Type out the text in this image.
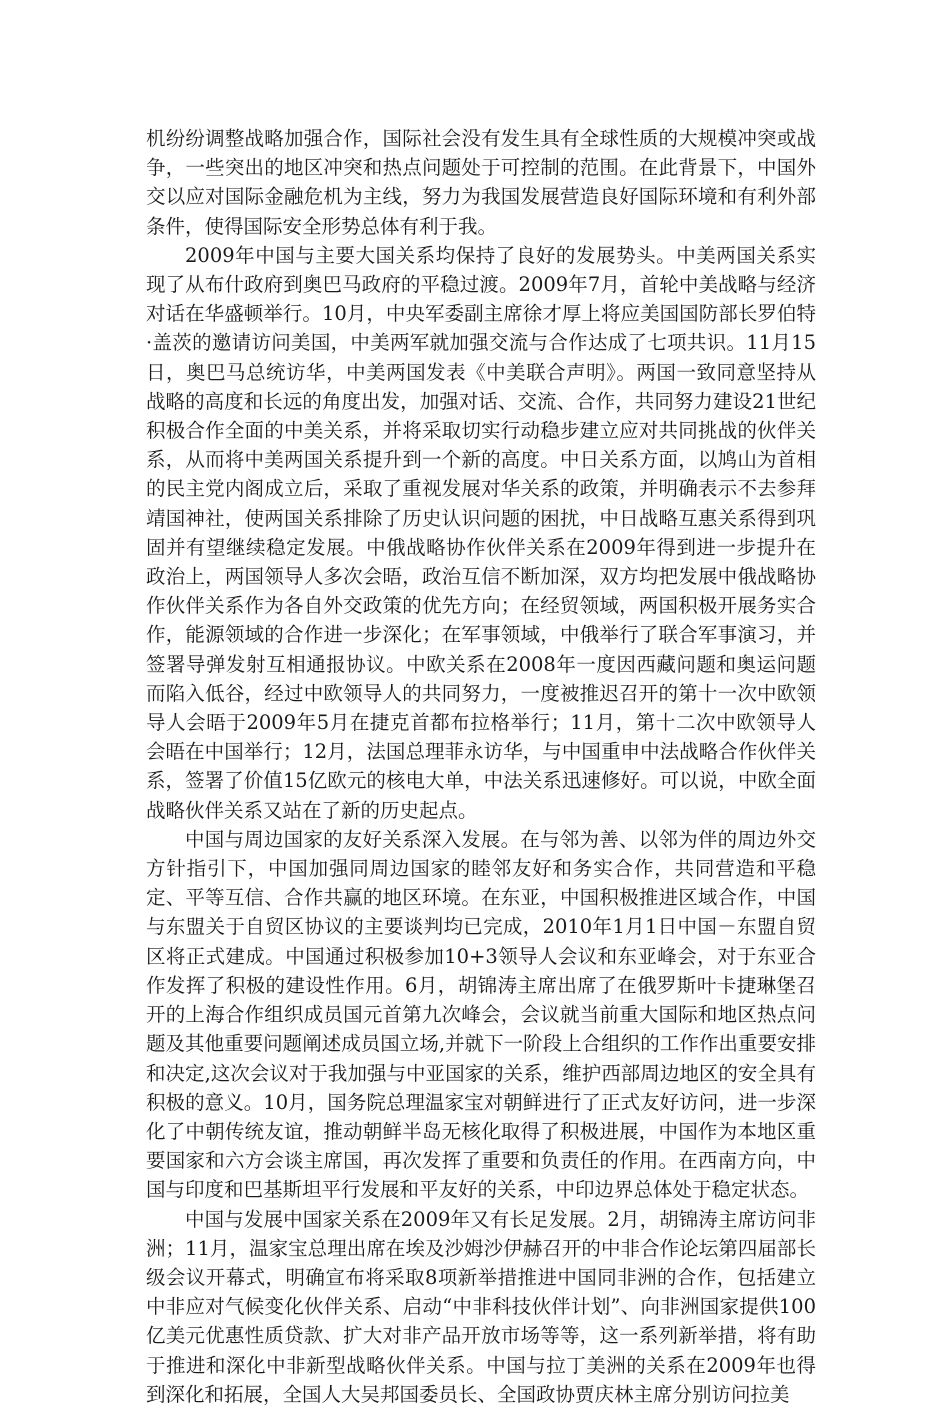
机纷纷调整战略加强合作，国际社会没有发生具有全球性质的大规模冲突或战争，一些突出的地区冲突和热点问题处于可控制的范围。在此背景下，中国外交以应对国际金融危机为主线，努力为我国发展营造良好国际环境和有利外部条件，使得国际安全形势总体有利于我。

2009年中国与主要大国关系均保持了良好的发展势头。中美两国关系实现了从布什政府到奥巴马政府的平稳过渡。2009年7月，首轮中美战略与经济对话在华盛顿举行。10月，中央军委副主席徐才厚上将应美国国防部长罗伯特·盖茨的邀请访问美国，中美两军就加强交流与合作达成了七项共识。11月15日，奥巴马总统访华，中美两国发表《中美联合声明》。两国一致同意坚持从战略的高度和长远的角度出发，加强对话、交流、合作，共同努力建设21世纪积极合作全面的中美关系，并将采取切实行动稳步建立应对共同挑战的伙伴关系，从而将中美两国关系提升到一个新的高度。中日关系方面，以鸠山为首相的民主党内阁成立后，采取了重视发展对华关系的政策，并明确表示不去参拜靖国神社，使两国关系排除了历史认识问题的困扰，中日战略互惠关系得到巩固并有望继续稳定发展。中俄战略协作伙伴关系在2009年得到进一步提升在政治上，两国领导人多次会晤，政治互信不断加深，双方均把发展中俄战略协作伙伴关系作为各自外交政策的优先方向；在经贸领域，两国积极开展务实合作，能源领域的合作进一步深化；在军事领域，中俄举行了联合军事演习，并签署导弹发射互相通报协议。中欧关系在2008年一度因西藏问题和奥运问题而陷入低谷，经过中欧领导人的共同努力，一度被推迟召开的第十一次中欧领导人会晤于2009年5月在捷克首都布拉格举行；11月，第十二次中欧领导人会晤在中国举行；12月，法国总理菲永访华，与中国重申中法战略合作伙伴关系，签署了价值15亿欧元的核电大单，中法关系迅速修好。可以说，中欧全面战略伙伴关系又站在了新的历史起点。

中国与周边国家的友好关系深入发展。在与邻为善、以邻为伴的周边外交方针指引下，中国加强同周边国家的睦邻友好和务实合作，共同营造和平稳定、平等互信、合作共赢的地区环境。在东亚，中国积极推进区域合作，中国与东盟关于自贸区协议的主要谈判均已完成，2010年1月1日中国－东盟自贸区将正式建成。中国通过积极参加10+3领导人会议和东亚峰会，对于东亚合作发挥了积极的建设性作用。6月，胡锦涛主席出席了在俄罗斯叶卡捷琳堡召开的上海合作组织成员国元首第九次峰会，会议就当前重大国际和地区热点问题及其他重要问题阐述成员国立场,并就下一阶段上合组织的工作作出重要安排和决定,这次会议对于我加强与中亚国家的关系，维护西部周边地区的安全具有积极的意义。10月，国务院总理温家宝对朝鲜进行了正式友好访问，进一步深化了中朝传统友谊，推动朝鲜半岛无核化取得了积极进展，中国作为本地区重要国家和六方会谈主席国，再次发挥了重要和负责任的作用。在西南方向，中国与印度和巴基斯坦平行发展和平友好的关系，中印边界总体处于稳定状态。

中国与发展中国家关系在2009年又有长足发展。2月，胡锦涛主席访问非洲；11月，温家宝总理出席在埃及沙姆沙伊赫召开的中非合作论坛第四届部长级会议开幕式，明确宣布将采取8项新举措推进中国同非洲的合作，包括建立中非应对气候变化伙伴关系、启动“中非科技伙伴计划”、向非洲国家提供100亿美元优惠性质贷款、扩大对非产品开放市场等等，这一系列新举措，将有助于推进和深化中非新型战略伙伴关系。中国与拉丁美洲的关系在2009年也得到深化和拓展，全国人大吴邦国委员长、全国政协贾庆林主席分别访问拉美
